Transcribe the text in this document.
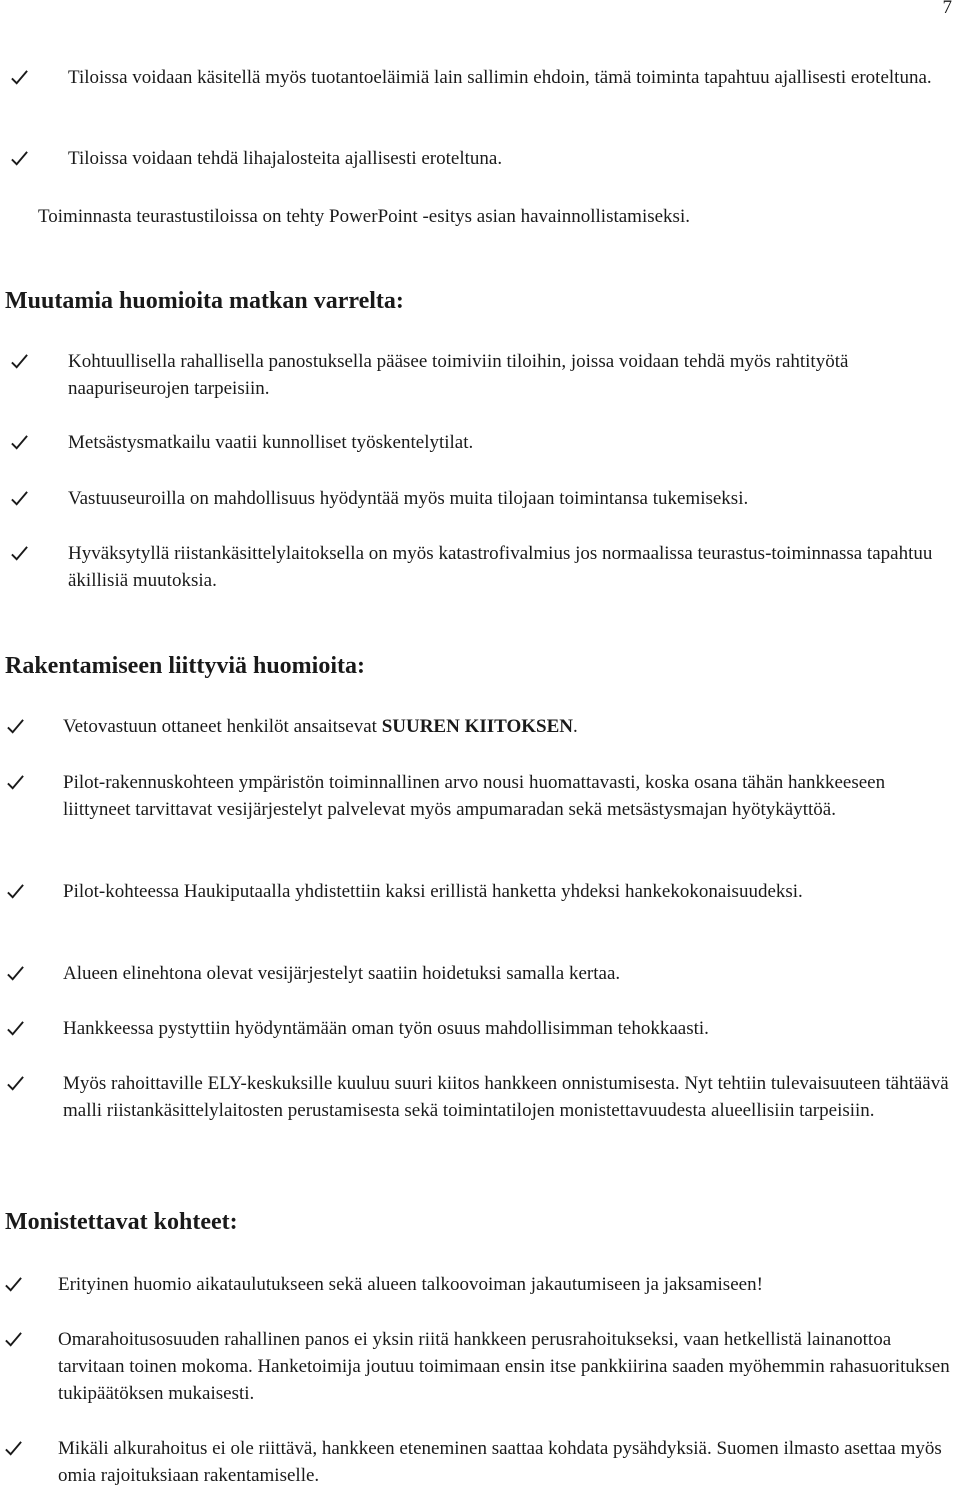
7
Tiloissa voidaan käsitellä myös tuotantoeläimiä lain sallimin ehdoin, tämä toiminta tapahtuu ajallisesti eroteltuna.
Tiloissa voidaan tehdä lihajalosteita ajallisesti eroteltuna.
Toiminnasta teurastustiloissa on tehty PowerPoint -esitys asian havainnollistamiseksi.
Muutamia huomioita matkan varrelta:
Kohtuullisella rahallisella panostuksella pääsee toimiviin tiloihin, joissa voidaan tehdä myös rahtityötä naapuriseurojen tarpeisiin.
Metsästysmatkailu vaatii kunnolliset työskentelytilat.
Vastuuseuroilla on mahdollisuus hyödyntää myös muita tilojaan toimintansa tukemiseksi.
Hyväksytyllä riistankäsittelylaitoksella on myös katastrofivalmius jos normaalissa teurastus-toiminnassa tapahtuu äkillisiä muutoksia.
Rakentamiseen liittyviä huomioita:
Vetovastuun ottaneet henkilöt ansaitsevat SUUREN KIITOKSEN.
Pilot-rakennuskohteen ympäristön toiminnallinen arvo nousi huomattavasti, koska osana tähän hankkeeseen liittyneet tarvittavat vesijärjestelyt palvelevat myös ampumaradan sekä metsästysmajan hyötykäyttöä.
Pilot-kohteessa Haukiputaalla yhdistettiin kaksi erillistä hanketta yhdeksi hankekokonaisuudeksi.
Alueen elinehtona olevat vesijärjestelyt saatiin hoidetuksi samalla kertaa.
Hankkeessa pystyttiin hyödyntämään oman työn osuus mahdollisimman tehokkaasti.
Myös rahoittaville ELY-keskuksille kuuluu suuri kiitos hankkeen onnistumisesta. Nyt tehtiin tulevaisuuteen tähtäävä malli riistankäsittelylaitosten perustamisesta sekä toimintatilojen monistettavuudesta alueellisiin tarpeisiin.
Monistettavat kohteet:
Erityinen huomio aikataulutukseen sekä alueen talkoovoiman jakautumiseen ja jaksamiseen!
Omarahoitusosuuden rahallinen panos ei yksin riitä hankkeen perusrahoitukseksi, vaan hetkellistä lainanottoa tarvitaan toinen mokoma. Hanketoimija joutuu toimimaan ensin itse pankkiirina saaden myöhemmin rahasuorituksen tukipäätöksen mukaisesti.
Mikäli alkurahoitus ei ole riittävä, hankkeen eteneminen saattaa kohdata pysähdyksiä. Suomen ilmasto asettaa myös omia rajoituksiaan rakentamiselle.
